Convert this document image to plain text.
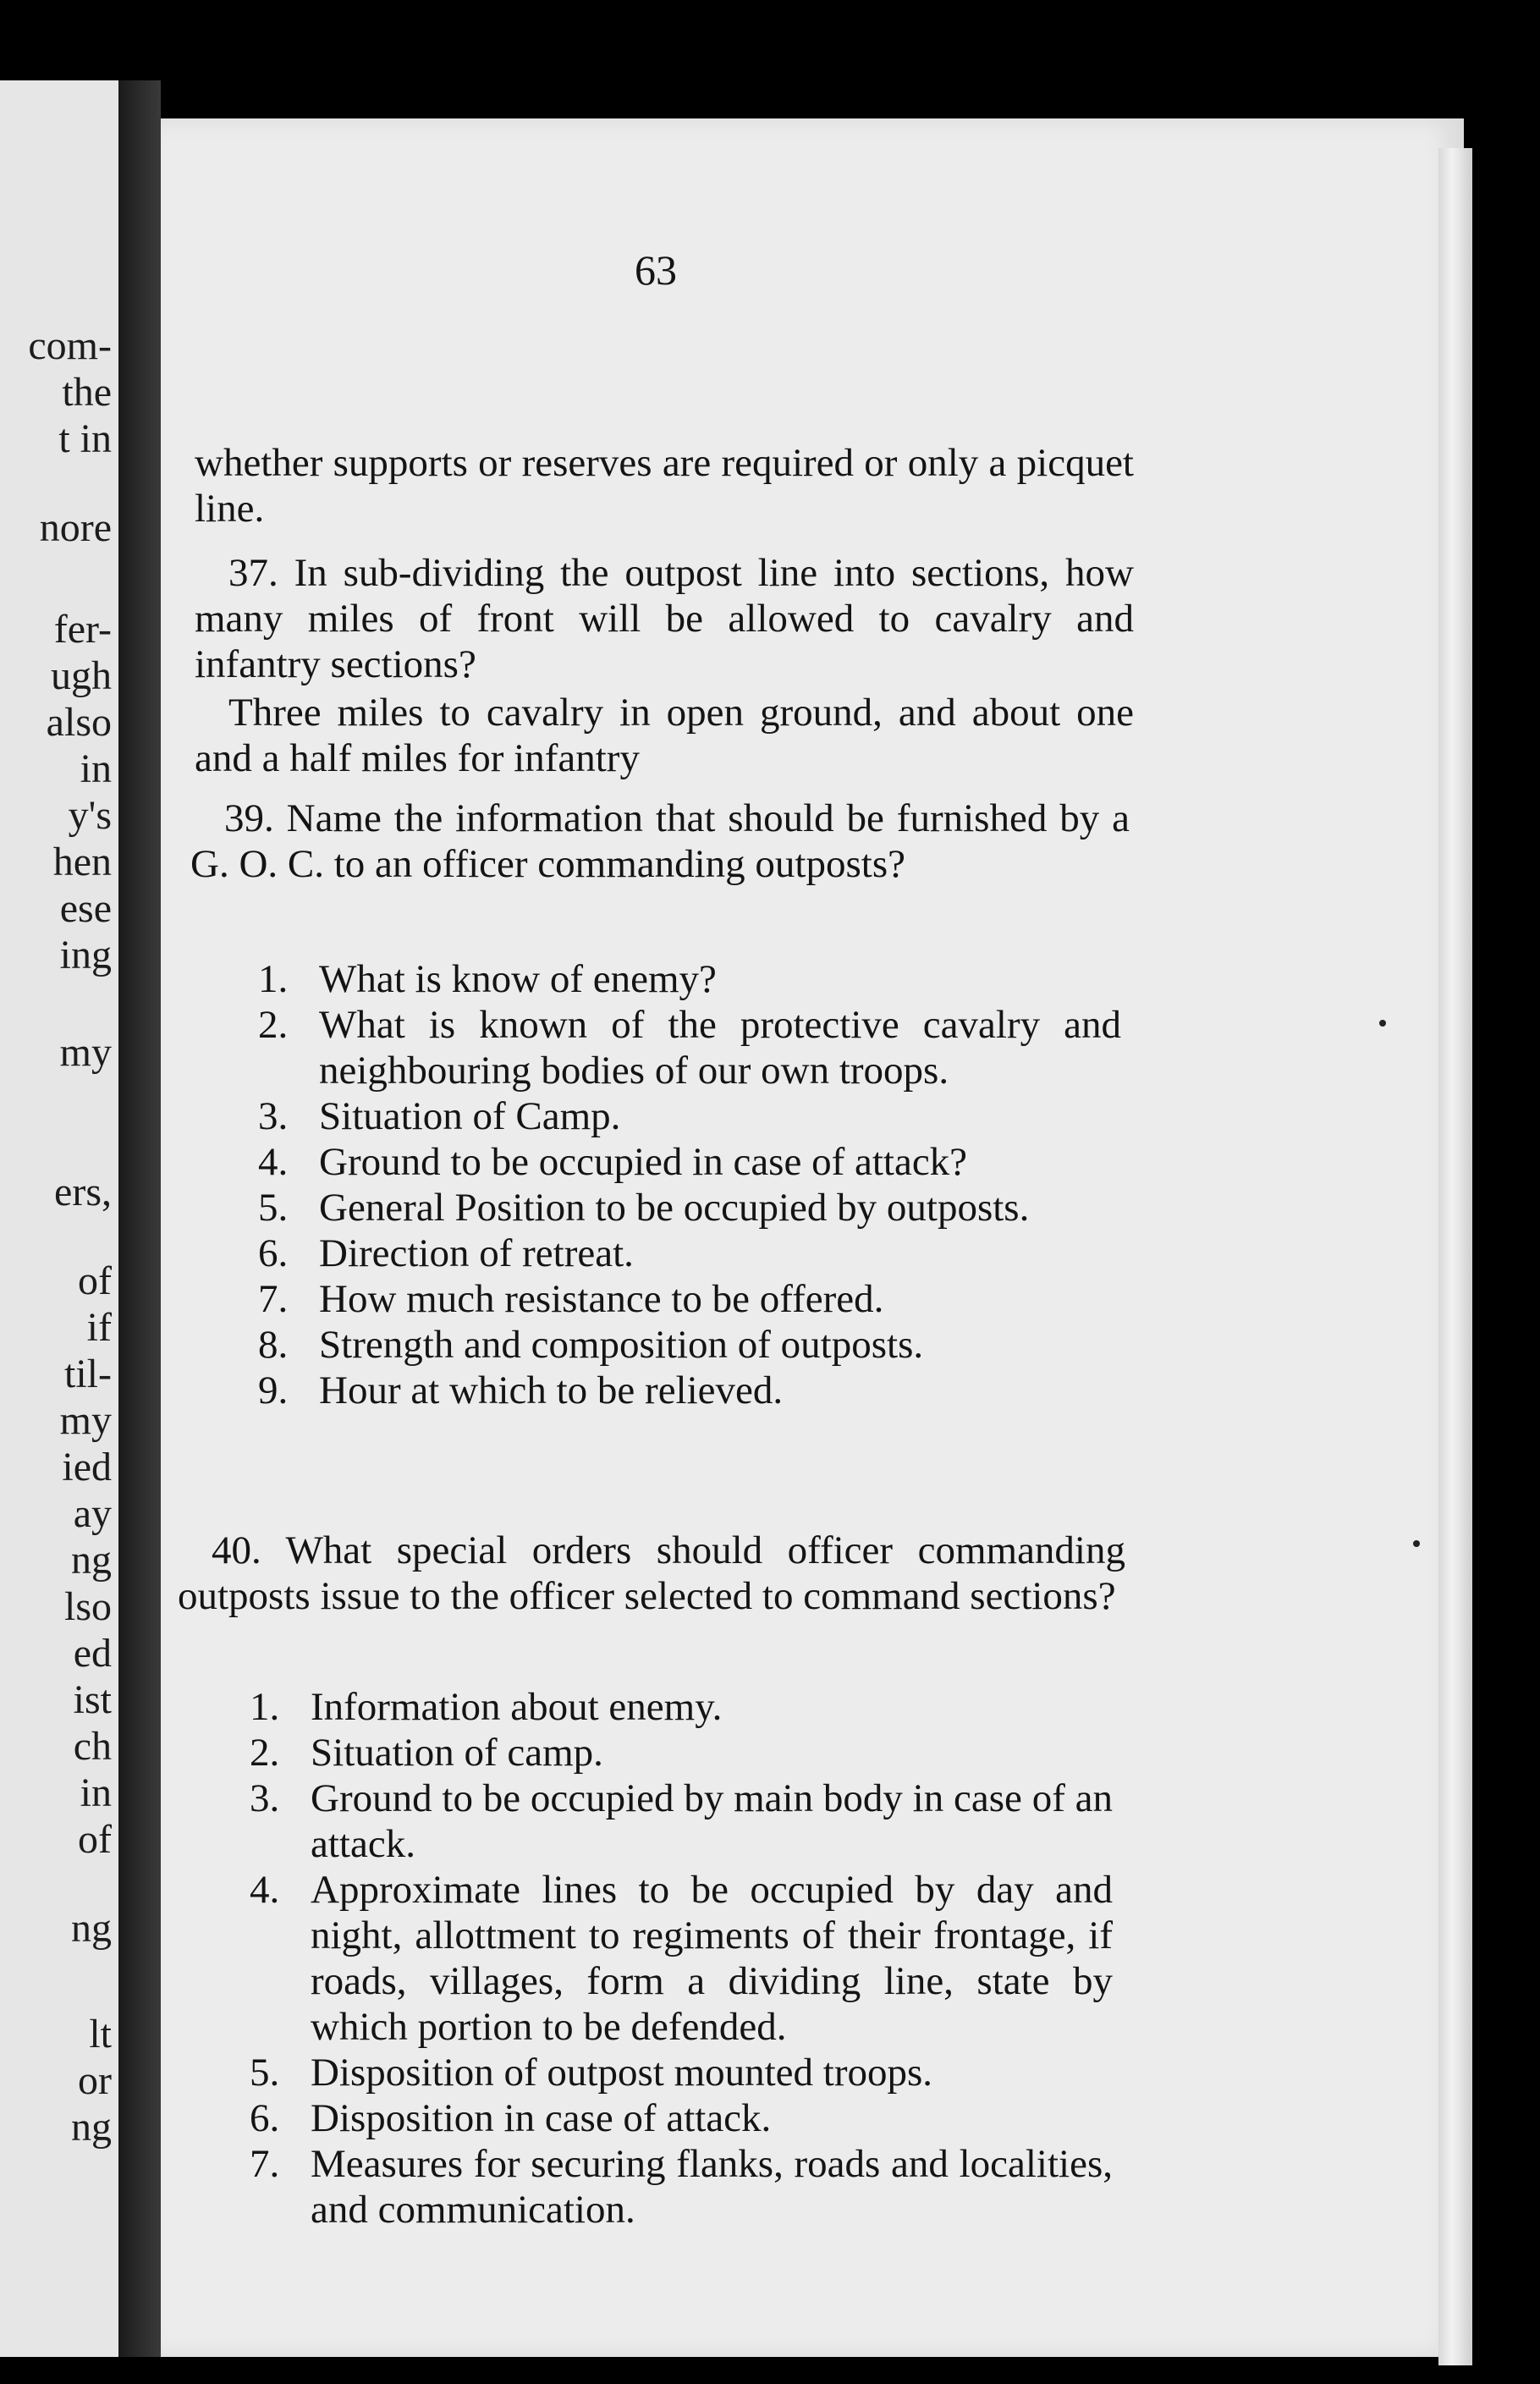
com-
the
t in
nore
fer-
ugh
also
in
y's
hen
ese
ing
my
ers,
of
if
til-
my
ied
ay
ng
lso
ed
ist
ch
in
of
ng
lt
or
ng
63
whether supports or reserves are required or only a picquet line.
37. In sub-dividing the outpost line into sections, how many miles of front will be allowed to cavalry and infantry sections?
Three miles to cavalry in open ground, and about one and a half miles for infantry
39. Name the information that should be furnished by a G. O. C. to an officer commanding outposts?
1. What is know of enemy?
2. What is known of the protective cavalry and neighbouring bodies of our own troops.
3. Situation of Camp.
4. Ground to be occupied in case of attack?
5. General Position to be occupied by outposts.
6. Direction of retreat.
7. How much resistance to be offered.
8. Strength and composition of outposts.
9. Hour at which to be relieved.
40. What special orders should officer commanding outposts issue to the officer selected to command sections?
1. Information about enemy.
2. Situation of camp.
3. Ground to be occupied by main body in case of an attack.
4. Approximate lines to be occupied by day and night, allottment to regiments of their frontage, if roads, villages, form a dividing line, state by which portion to be defended.
5. Disposition of outpost mounted troops.
6. Disposition in case of attack.
7. Measures for securing flanks, roads and localities, and communication.
